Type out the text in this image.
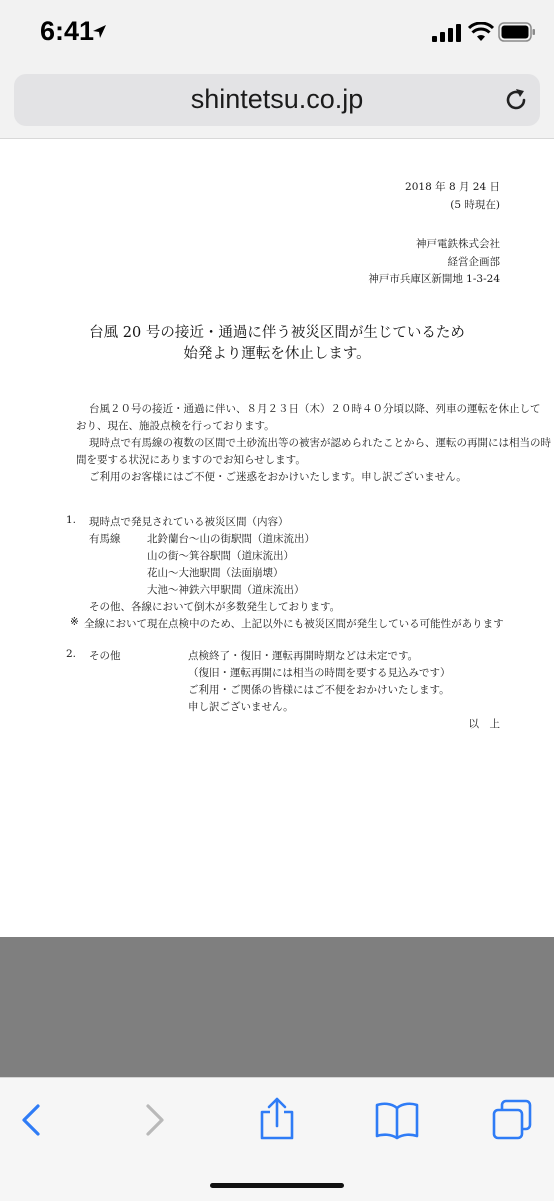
6:41
shintetsu.co.jp
2018 年 8 月 24 日
(5 時現在)
神戸電鉄株式会社
経営企画部
神戸市兵庫区新開地 1-3-24
台風 20 号の接近・通過に伴う被災区間が生じているため
始発より運転を休止します。
台風２０号の接近・通過に伴い、８月２３日（木）２０時４０分頃以降、列車の運転を休止して
おり、現在、施設点検を行っております。
現時点で有馬線の複数の区間で土砂流出等の被害が認められたことから、運転の再開には相当の時
間を要する状況にありますのでお知らせします。
ご利用のお客様にはご不便・ご迷惑をおかけいたします。申し訳ございません。
1. 現時点で発見されている被災区間（内容）
有馬線	北鈴蘭台～山の街駅間（道床流出）
山の街～箕谷駅間（道床流出）
花山～大池駅間（法面崩壊）
大池～神鉄六甲駅間（道床流出）
その他、各線において倒木が多数発生しております。
※ 全線において現在点検中のため、上記以外にも被災区間が発生している可能性があります
2. その他	点検終了・復旧・運転再開時期などは未定です。
（復旧・運転再開には相当の時間を要する見込みです）
ご利用・ご関係の皆様にはご不便をおかけいたします。
申し訳ございません。
以　上
